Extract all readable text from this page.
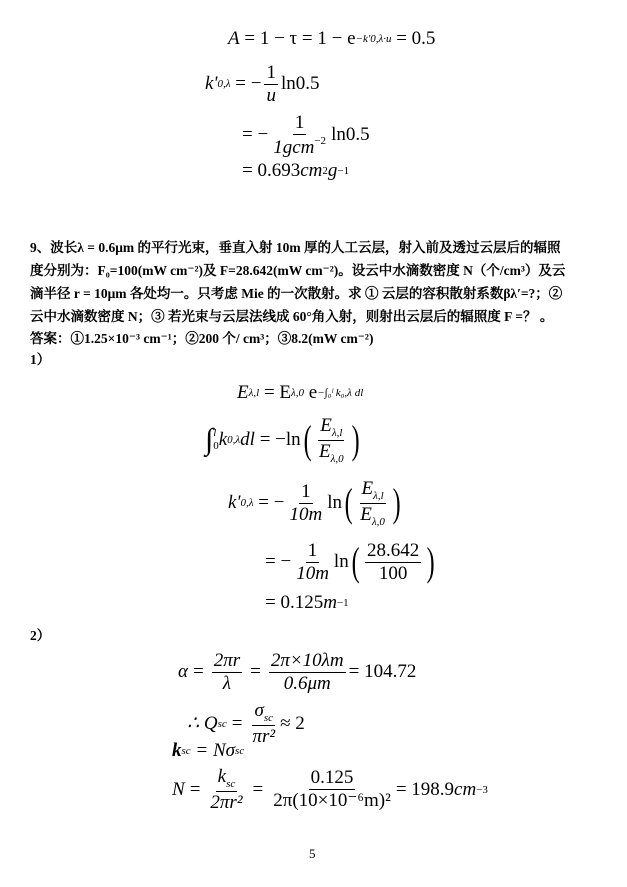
A
= 1 − τ = 1 − e −k'0,λ·u
= 0.5
k' 0,λ
= − $\frac{1}{u} \ln 0.5$
= − $\frac{1}{1gcm^{-2}} \ln 0.5$
= 0.693 cm 2 g −1
9、波长λ = 0.6μm 的平行光束，垂直入射 10m 厚的人工云层，射入前及透过云层后的辐照
度分别为：F₀=100(mW cm⁻²)及 F=28.642(mW cm⁻²)。设云中水滴数密度 N（个/cm³）及云
滴半径 r = 10μm 各处均一。只考虑 Mie 的一次散射。求 ① 云层的容积散射系数βλ′=?；②
云中水滴数密度 N；③ 若光束与云层法线成 60°角入射，则射出云层后的辐照度 F =？ 。
答案：①1.25×10⁻³ cm⁻¹；②200 个/ cm³；③8.2(mW cm⁻²)
1）
E λ,l
= E λ,0
e −∫₀ˡ k₀,λ dl
∫ l
0 k 0,λ dl
= −ln ( $\frac{E_{\lambda,l}}{E_{\lambda,0}}$ )
k' 0,λ
= − $\frac{1}{10m}$ ln ( $\frac{E_{\lambda,l}}{E_{\lambda,0}}$ )
= − $\frac{1}{10m}$ ln ( $\frac{28.642}{100}$ )
= 0.125 m −1
2）
$\alpha = \frac{2\pi r}{\lambda} = \frac{2\pi\times 10\lambda m}{0.6\mu m} = 104.72$
∴ Q sc = $\frac{\sigma_{sc}}{\text{πr²}} \approx 2$
k sc
= Nσ sc
$N = \frac{k_{sc}}{\text{2πr²}} = \frac{0.125}{\text{2π(10×10⁻⁶m)²}} = 198.9$ cm −3
5
